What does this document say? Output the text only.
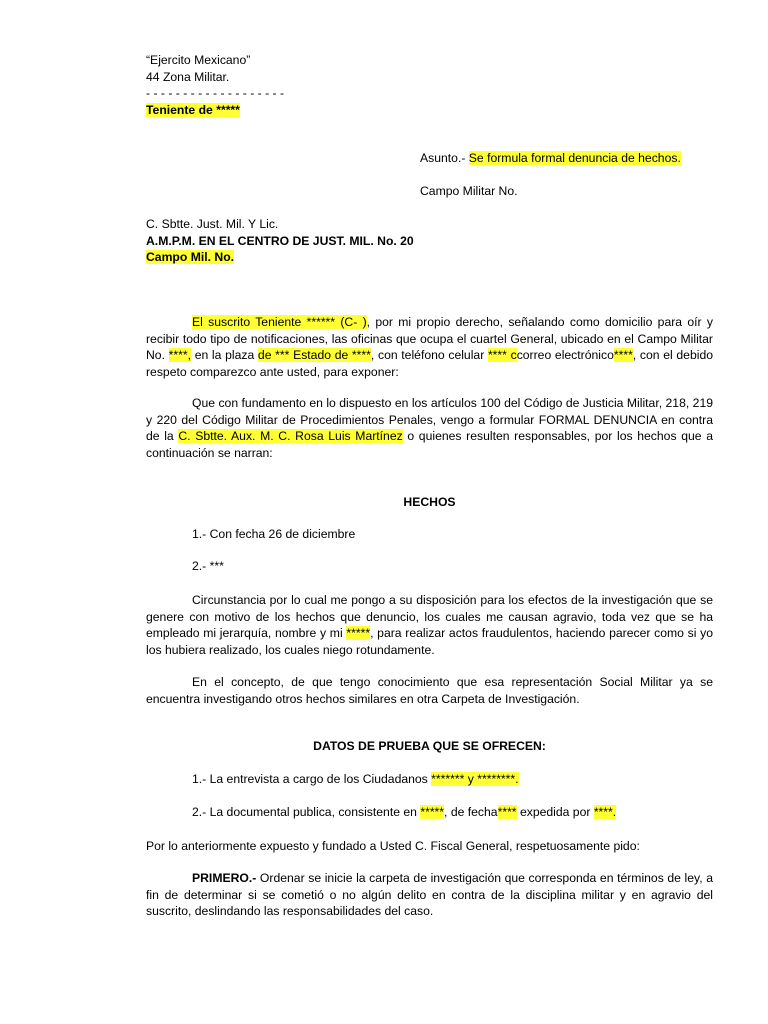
“Ejercito Mexicano”
44 Zona Militar.
- - - - - - - - - - - - - - - - - - -
Teniente de *****
Asunto.- Se formula formal denuncia de hechos.
Campo Militar No.
C. Sbtte. Just. Mil. Y Lic.
A.M.P.M. EN EL CENTRO DE JUST. MIL. No. 20
Campo Mil. No.

El suscrito Teniente ****** (C- ), por mi propio derecho, señalando como domicilio para oír y recibir todo tipo de notificaciones, las oficinas que ocupa el cuartel General, ubicado en el Campo Militar No. ****, en la plaza de *** Estado de ****, con teléfono celular **** ccorreo electrónico****, con el debido respeto comparezco ante usted, para exponer:

Que con fundamento en lo dispuesto en los artículos 100 del Código de Justicia Militar, 218, 219 y 220 del Código Militar de Procedimientos Penales, vengo a formular FORMAL DENUNCIA en contra de la C. Sbtte. Aux. M. C. Rosa Luis Martínez o quienes resulten responsables, por los hechos que a continuación se narran:

HECHOS
1.- Con fecha 26 de diciembre
2.- ***

Circunstancia por lo cual me pongo a su disposición para los efectos de la investigación que se genere con motivo de los hechos que denuncio, los cuales me causan agravio, toda vez que se ha empleado mi jerarquía, nombre y mi *****, para realizar actos fraudulentos, haciendo parecer como si yo los hubiera realizado, los cuales niego rotundamente.

En el concepto, de que tengo conocimiento que esa representación Social Militar ya se encuentra investigando otros hechos similares en otra Carpeta de Investigación.

DATOS DE PRUEBA QUE SE OFRECEN:
1.- La entrevista a cargo de los Ciudadanos ******* y ********.
2.- La documental publica, consistente en *****, de fecha**** expedida por ****.
Por lo anteriormente expuesto y fundado a Usted C. Fiscal General, respetuosamente pido:

PRIMERO.- Ordenar se inicie la carpeta de investigación que corresponda en términos de ley, a fin de determinar si se cometió o no algún delito en contra de la disciplina militar y en agravio del suscrito, deslindando las responsabilidades del caso.
